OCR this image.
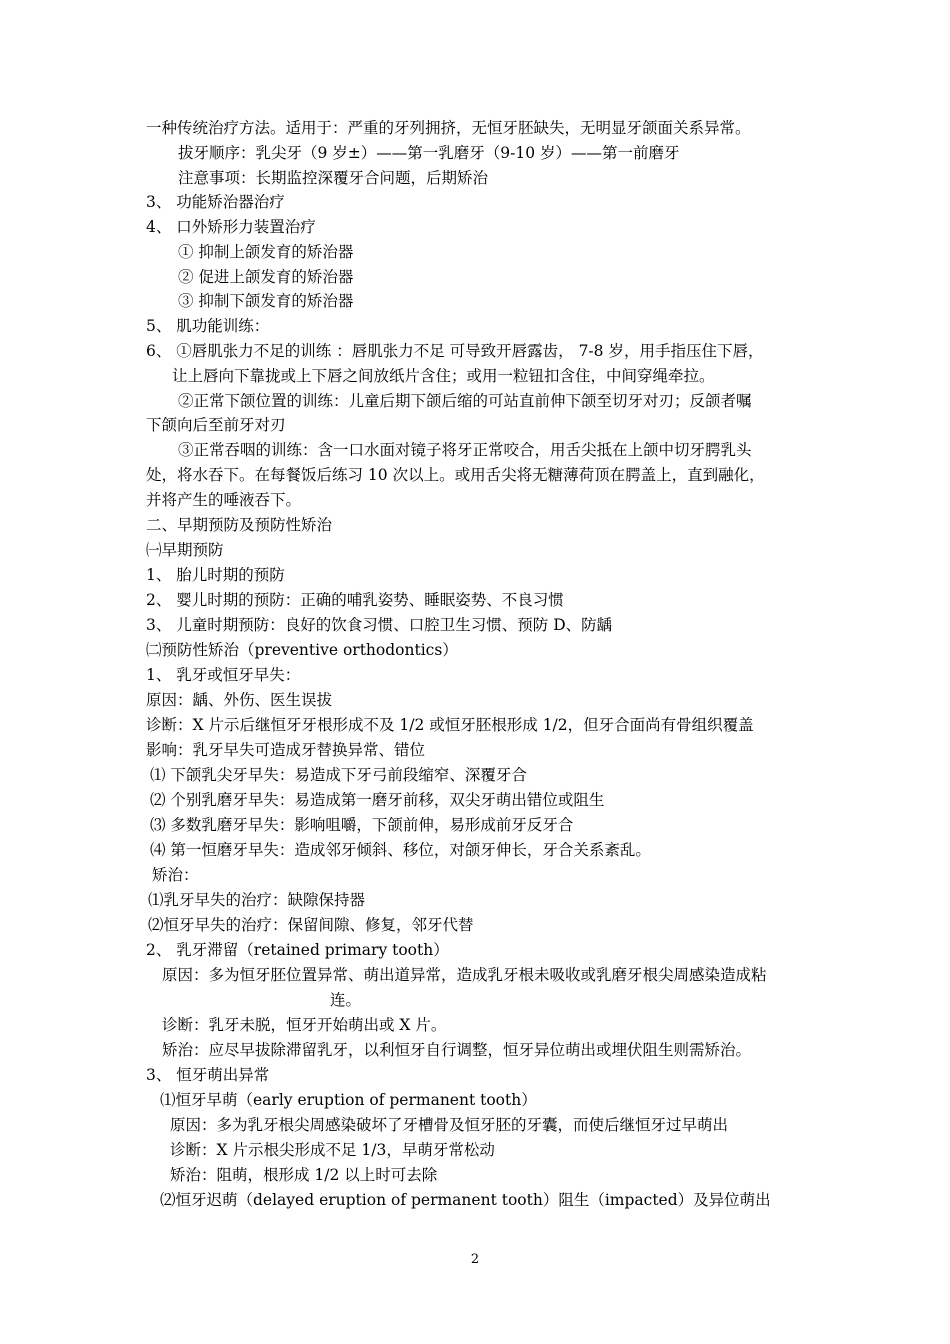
一种传统治疗方法。适用于：严重的牙列拥挤，无恒牙胚缺失，无明显牙颌面关系异常。
拔牙顺序：乳尖牙（9 岁±）——第一乳磨牙（9-10 岁）——第一前磨牙
注意事项：长期监控深覆牙合问题，后期矫治
3、 功能矫治器治疗
4、 口外矫形力装置治疗
① 抑制上颌发育的矫治器
② 促进上颌发育的矫治器
③ 抑制下颌发育的矫治器
5、 肌功能训练：
6、 ①唇肌张力不足的训练 ：唇肌张力不足 可导致开唇露齿， 7-8 岁，用手指压住下唇，
让上唇向下靠拢或上下唇之间放纸片含住；或用一粒钮扣含住，中间穿绳牵拉。
②正常下颌位置的训练：儿童后期下颌后缩的可站直前伸下颌至切牙对刃；反颌者嘱
下颌向后至前牙对刃
③正常吞咽的训练：含一口水面对镜子将牙正常咬合，用舌尖抵在上颌中切牙腭乳头
处，将水吞下。在每餐饭后练习 10 次以上。或用舌尖将无糖薄荷顶在腭盖上，直到融化，
并将产生的唾液吞下。
二、早期预防及预防性矫治
㈠早期预防
1、 胎儿时期的预防
2、 婴儿时期的预防：正确的哺乳姿势、睡眠姿势、不良习惯
3、 儿童时期预防：良好的饮食习惯、口腔卫生习惯、预防 D、防龋
㈡预防性矫治（preventive orthodontics）
1、 乳牙或恒牙早失：
原因：龋、外伤、医生误拔
诊断：X 片示后继恒牙牙根形成不及 1/2 或恒牙胚根形成 1/2，但牙合面尚有骨组织覆盖
影响：乳牙早失可造成牙替换异常、错位
⑴ 下颌乳尖牙早失：易造成下牙弓前段缩窄、深覆牙合
⑵ 个别乳磨牙早失：易造成第一磨牙前移，双尖牙萌出错位或阻生
⑶ 多数乳磨牙早失：影响咀嚼，下颌前伸，易形成前牙反牙合
⑷ 第一恒磨牙早失：造成邻牙倾斜、移位，对颌牙伸长，牙合关系紊乱。
矫治：
⑴乳牙早失的治疗：缺隙保持器
⑵恒牙早失的治疗：保留间隙、修复，邻牙代替
2、 乳牙滞留（retained primary tooth）
原因：多为恒牙胚位置异常、萌出道异常，造成乳牙根未吸收或乳磨牙根尖周感染造成粘
连。
诊断：乳牙未脱，恒牙开始萌出或 X 片。
矫治：应尽早拔除滞留乳牙，以利恒牙自行调整，恒牙异位萌出或埋伏阻生则需矫治。
3、 恒牙萌出异常
⑴恒牙早萌（early eruption of permanent tooth）
原因：多为乳牙根尖周感染破坏了牙槽骨及恒牙胚的牙囊，而使后继恒牙过早萌出
诊断：X 片示根尖形成不足 1/3，早萌牙常松动
矫治：阻萌，根形成 1/2 以上时可去除
⑵恒牙迟萌（delayed eruption of permanent tooth）阻生（impacted）及异位萌出
2
